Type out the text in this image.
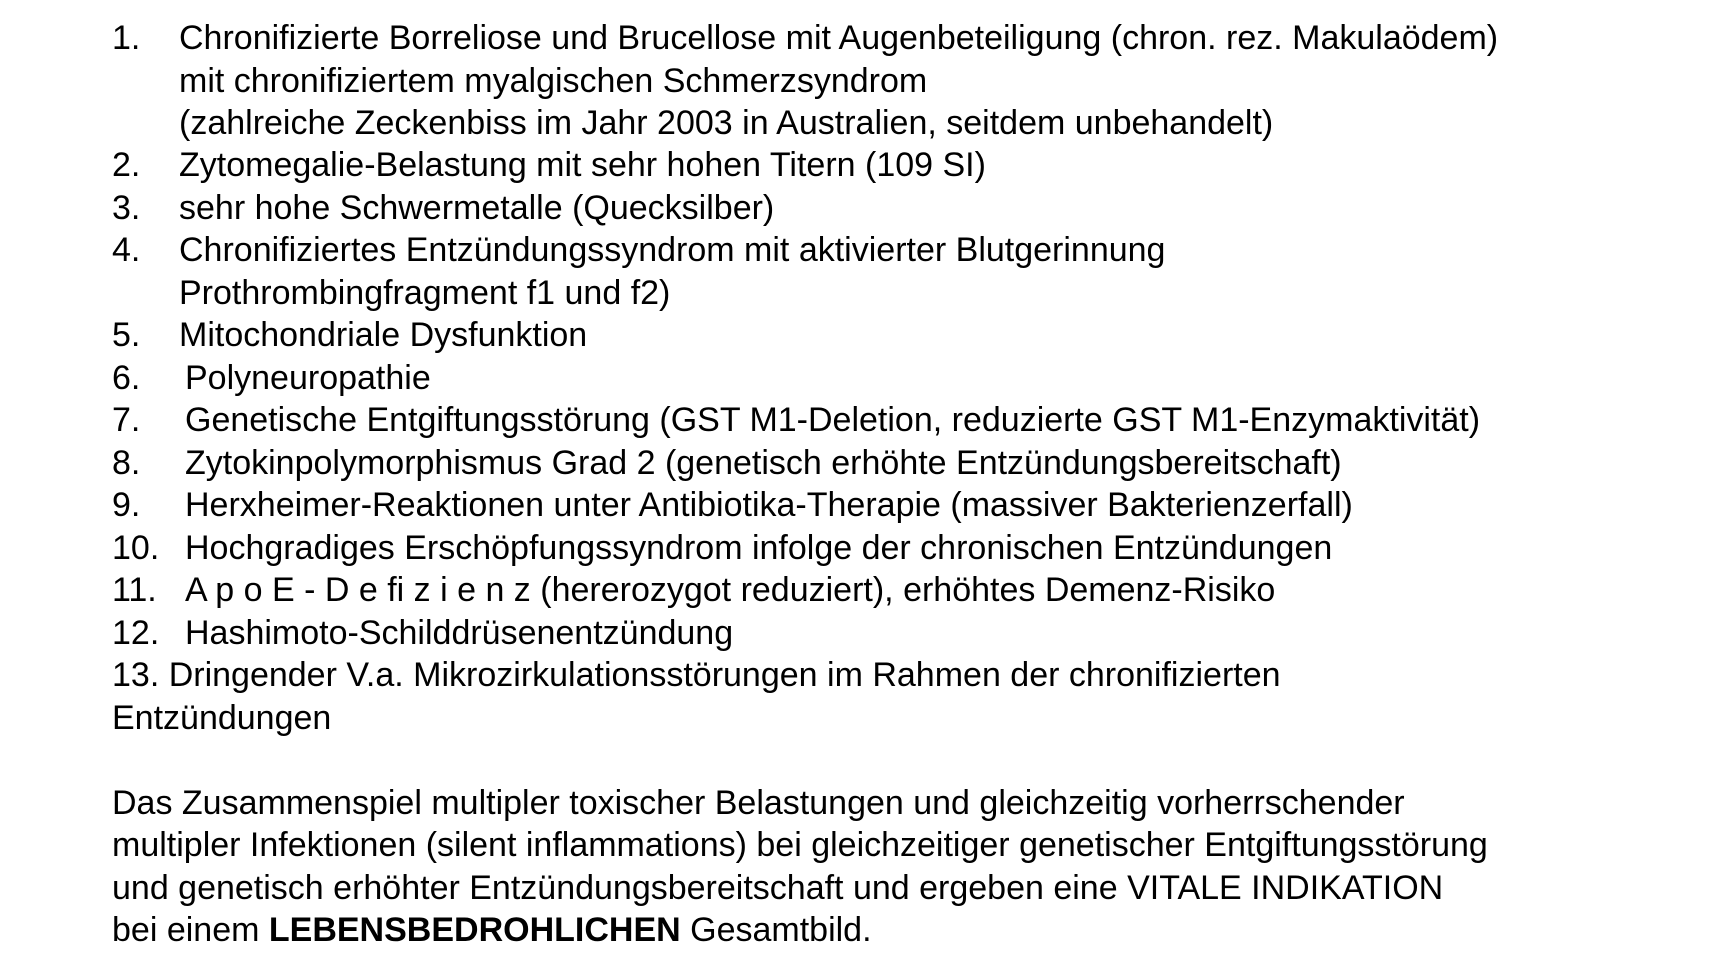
1. Chronifizierte Borreliose und Brucellose mit Augenbeteiligung (chron. rez. Makulaödem)
mit chronifiziertem myalgischen Schmerzsyndrom
(zahlreiche Zeckenbiss im Jahr 2003 in Australien, seitdem unbehandelt)
2. Zytomegalie-Belastung mit sehr hohen Titern (109 SI)
3. sehr hohe Schwermetalle (Quecksilber)
4. Chronifiziertes Entzündungssyndrom mit aktivierter Blutgerinnung
Prothrombingfragment f1 und f2)
5. Mitochondriale Dysfunktion
6. Polyneuropathie
7. Genetische Entgiftungsstörung (GST M1-Deletion, reduzierte GST M1-Enzymaktivität)
8. Zytokinpolymorphismus Grad 2 (genetisch erhöhte Entzündungsbereitschaft)
9. Herxheimer-Reaktionen unter Antibiotika-Therapie (massiver Bakterienzerfall)
10. Hochgradiges Erschöpfungssyndrom infolge der chronischen Entzündungen
11. A p o E - D e fi z i e n z (hererozygot reduziert), erhöhtes Demenz-Risiko
12. Hashimoto-Schilddrüsenentzündung
13. Dringender V.a. Mikrozirkulationsstörungen im Rahmen der chronifizierten
Entzündungen
Das Zusammenspiel multipler toxischer Belastungen und gleichzeitig vorherrschender
multipler Infektionen (silent inflammations) bei gleichzeitiger genetischer Entgiftungsstörung
und genetisch erhöhter Entzündungsbereitschaft und ergeben eine VITALE INDIKATION
bei einem LEBENSBEDROHLICHEN Gesamtbild.
